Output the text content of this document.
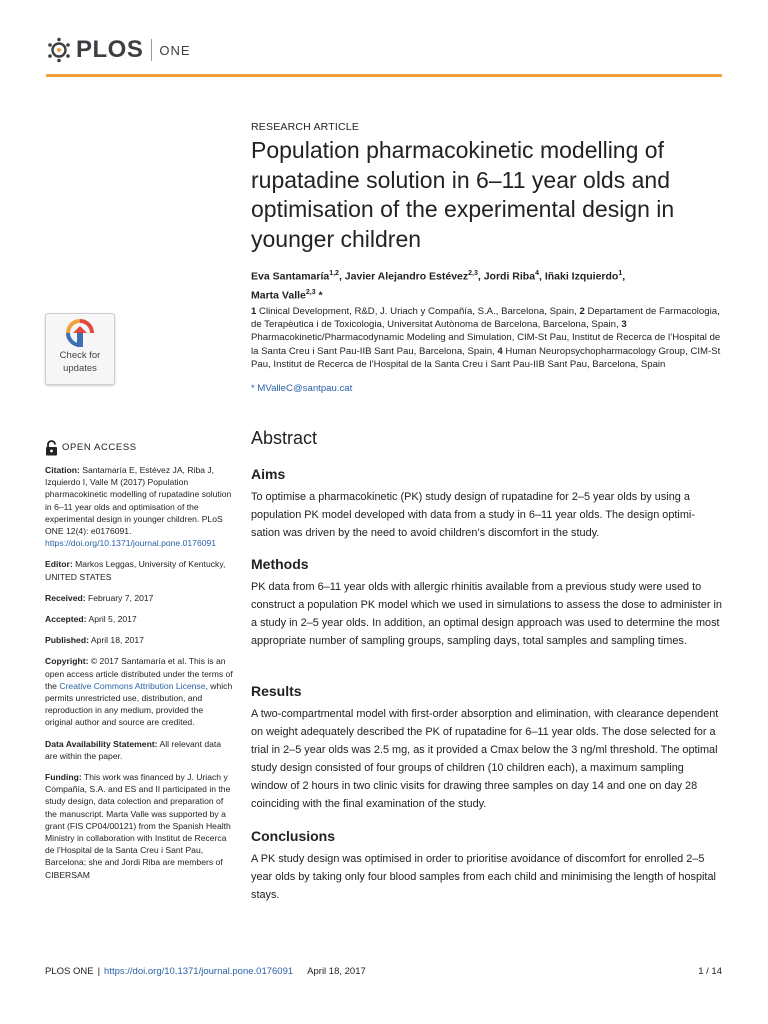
PLOS ONE
Check for
updates
RESEARCH ARTICLE
Population pharmacokinetic modelling of rupatadine solution in 6–11 year olds and optimisation of the experimental design in younger children
Eva Santamaría$^{1,2}$, Javier Alejandro Estévez$^{2,3}$, Jordi Riba$^4$, Iñaki Izquierdo$^1$,
Marta Valle$^{2,3}$ *
1 Clinical Development, R&D, J. Uriach y Compañía, S.A., Barcelona, Spain, 2 Departament de Farmacologia, de Terapèutica i de Toxicologia, Universitat Autònoma de Barcelona, Barcelona, Spain, 3 Pharmacokinetic/Pharmacodynamic Modeling and Simulation, CIM-St Pau, Institut de Recerca de l’Hospital de la Santa Creu i Sant Pau-IIB Sant Pau, Barcelona, Spain, 4 Human Neuropsychopharmacology Group, CIM-St Pau, Institut de Recerca de l’Hospital de la Santa Creu i Sant Pau-IIB Sant Pau, Barcelona, Spain
* MValleC@santpau.cat
OPEN ACCESS

Citation: Santamaría E, Estévez JA, Riba J, Izquierdo I, Valle M (2017) Population pharmacokinetic modelling of rupatadine solution in 6–11 year olds and optimisation of the experimental design in younger children. PLoS ONE 12(4): e0176091. https://doi.org/10.1371/journal.pone.0176091

Editor: Markos Leggas, University of Kentucky, UNITED STATES

Received: February 7, 2017

Accepted: April 5, 2017

Published: April 18, 2017

Copyright: © 2017 Santamaría et al. This is an open access article distributed under the terms of the Creative Commons Attribution License, which permits unrestricted use, distribution, and reproduction in any medium, provided the original author and source are credited.

Data Availability Statement: All relevant data are within the paper.

Funding: This work was financed by J. Uriach y Compañía, S.A. and ES and II participated in the study design, data colection and preparation of the manuscript. Marta Valle was supported by a grant (FIS CP04/00121) from the Spanish Health Ministry in collaboration with Institut de Recerca de l’Hospital de la Santa Creu i Sant Pau, Barcelona; she and Jordi Riba are members of CIBERSAM

Abstract
Aims

To optimise a pharmacokinetic (PK) study design of rupatadine for 2–5 year olds by using a population PK model developed with data from a study in 6–11 year olds. The design optimi-sation was driven by the need to avoid children’s discomfort in the study.

Methods

PK data from 6–11 year olds with allergic rhinitis available from a previous study were used to construct a population PK model which we used in simulations to assess the dose to administer in a study in 2–5 year olds. In addition, an optimal design approach was used to determine the most appropriate number of sampling groups, sampling days, total samples and sampling times.

Results

A two-compartmental model with first-order absorption and elimination, with clearance dependent on weight adequately described the PK of rupatadine for 6–11 year olds. The dose selected for a trial in 2–5 year olds was 2.5 mg, as it provided a Cmax below the 3 ng/ml threshold. The optimal study design consisted of four groups of children (10 children each), a maximum sampling window of 2 hours in two clinic visits for drawing three samples on day 14 and one on day 28 coinciding with the final examination of the study.

Conclusions

A PK study design was optimised in order to prioritise avoidance of discomfort for enrolled 2–5 year olds by taking only four blood samples from each child and minimising the length of hospital stays.

PLOS ONE | https://doi.org/10.1371/journal.pone.0176091 April 18, 2017	1 / 14
